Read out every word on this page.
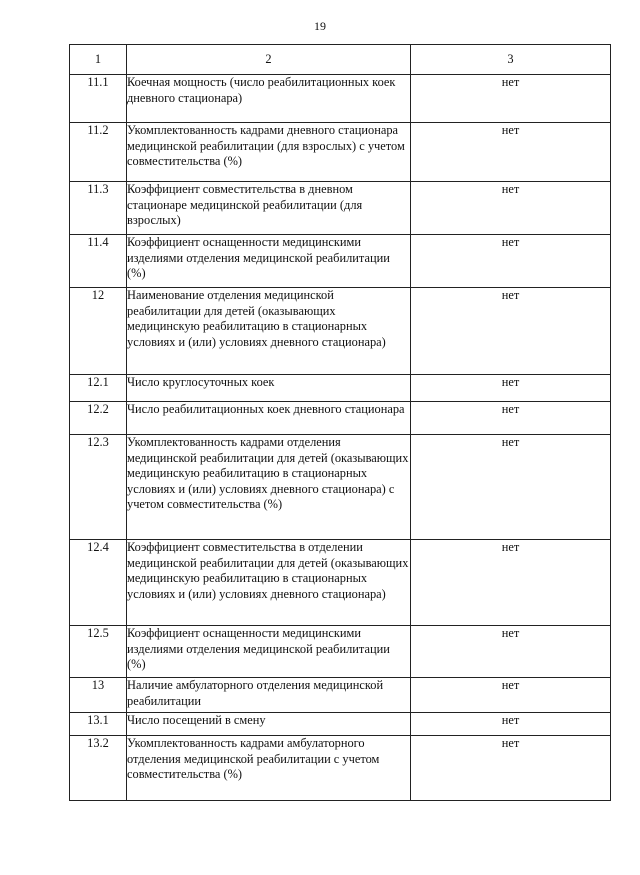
19
1	2	3
11.1	Коечная мощность (число реабилитационных коек дневного стационара)	нет
11.2	Укомплектованность кадрами дневного стационара медицинской реабилитации (для взрослых) с учетом совместительства (%)	нет
11.3	Коэффициент совместительства в дневном стационаре медицинской реабилитации (для взрослых)	нет
11.4	Коэффициент оснащенности медицинскими изделиями отделения медицинской реабилитации (%)	нет
12	Наименование отделения медицинской реабилитации для детей (оказывающих медицинскую реабилитацию в стационарных условиях и (или) условиях дневного стационара)	нет
12.1	Число круглосуточных коек	нет
12.2	Число реабилитационных коек дневного стационара	нет
12.3	Укомплектованность кадрами отделения медицинской реабилитации для детей (оказывающих медицинскую реабилитацию в стационарных условиях и (или) условиях дневного стационара) с учетом совместительства (%)	нет
12.4	Коэффициент совместительства в отделении медицинской реабилитации для детей (оказывающих медицинскую реабилитацию в стационарных условиях и (или) условиях дневного стационара)	нет
12.5	Коэффициент оснащенности медицинскими изделиями отделения медицинской реабилитации (%)	нет
13	Наличие амбулаторного отделения медицинской реабилитации	нет
13.1	Число посещений в смену	нет
13.2	Укомплектованность кадрами амбулаторного отделения медицинской реабилитации с учетом совместительства (%)	нет
